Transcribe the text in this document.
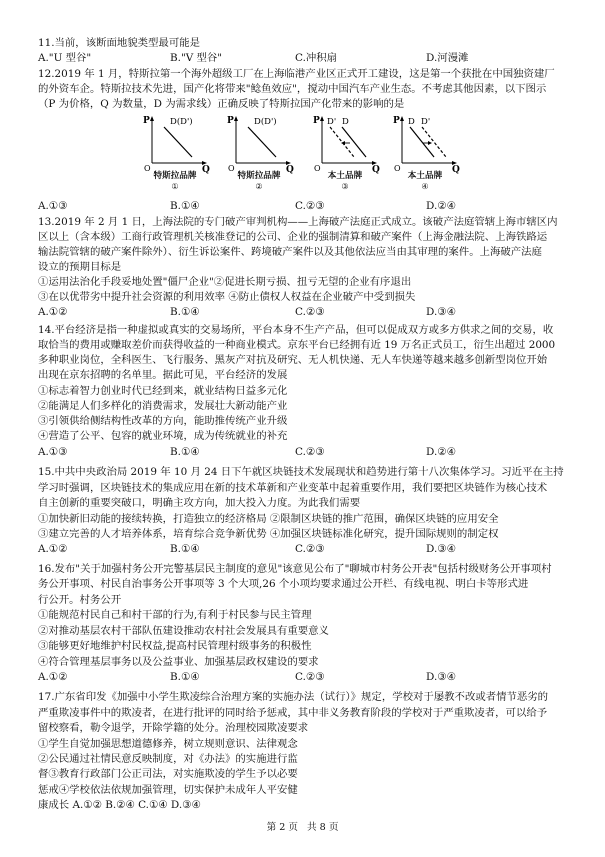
11.当前，该断面地貌类型最可能是
A."U 型谷"	B."V 型谷"	C.冲积扇	D.河漫滩
12.2019 年 1 月，特斯拉第一个海外超级工厂在上海临港产业区正式开工建设，这是第一个获批在中国独资建厂
的外资车企。特斯拉技术先进，国产化将带来"鲶鱼效应"，搅动中国汽车产业生态。不考虑其他因素，以下图示
（P 为价格，Q 为数量，D 为需求线）正确反映了特斯拉国产化带来的影响的是
P
O	Q
D(D')
特斯拉品牌
①
P
O	Q
D(D')
特斯拉品牌
②
P
O	Q
D' D
本土品牌
③
P
O	Q
D D'
本土品牌
④
A.①③	B.①④	C.②③	D.②④
13.2019 年 2 月 1 日，上海法院的专门破产审判机构——上海破产法庭正式成立。该破产法庭管辖上海市辖区内
区以上（含本级）工商行政管理机关核准登记的公司、企业的强制清算和破产案件（上海金融法院、上海铁路运
输法院管辖的破产案件除外）、衍生诉讼案件、跨境破产案件以及其他依法应当由其审理的案件。上海破产法庭
设立的预期目标是
①运用法治化手段妥地处置"僵尸企业"②促进长期亏损、扭亏无望的企业有序退出
③在以优带劣中提升社会资源的利用效率 ④防止债权人权益在企业破产中受到损失
A.①②	B.①④	C.②③	D.③④
14.平台经济是指一种虚拟或真实的交易场所，平台本身不生产产品，但可以促成双方或多方供求之间的交易，收
取恰当的费用或赚取差价而获得收益的一种商业模式。京东平台已经拥有近 19 万名正式员工，衍生出超过 2000
多种职业岗位，全科医生、飞行服务、黑灰产对抗及研究、无人机快递、无人车快递等越来越多创新型岗位开始
出现在京东招聘的名单里。据此可见，平台经济的发展
①标志着智力创业时代已经到来，就业结构日益多元化
②能满足人们多样化的消费需求，发展壮大新动能产业
③引领供给侧结构性改革的方向，能助推传统产业升级
④营造了公平、包容的就业环境，成为传统就业的补充
A.①③	B.①④	C.②③	D.②④
15.中共中央政治局 2019 年 10 月 24 日下午就区块链技术发展现状和趋势进行第十八次集体学习。习近平在主持
学习时强调，区块链技术的集成应用在新的技术革新和产业变革中起着重要作用，我们要把区块链作为核心技术
自主创新的重要突破口，明确主攻方向，加大投入力度。为此我们需要
①加快新旧动能的接续转换，打造独立的经济格局 ②限制区块链的推广范围，确保区块链的应用安全
③建立完善的人才培养体系，培育综合竞争新优势 ④加强区块链标准化研究，提升国际规则的制定权
A.①②	B.①④	C.②③	D.③④
16.发布"关于加强村务公开完警基层民主制度的意见"该意见公布了"聊城市村务公开表"包括村级财务公开事项村
务公开事项、村民自治事务公开事项等 3 个大项,26 个小项均要求通过公开栏、有线电视、明白卡等形式进
行公开。村务公开
①能规范村民自己和村干部的行为,有利于村民参与民主管理
②对推动基层农村干部队伍建设推动农村社会发展具有重要意义
③能够更好地维护村民权益,提高村民管理村级事务的积极性
④符合管理基层事务以及公益事业、加强基层政权建设的要求
A.①②	B.①④	C.②③	D.③④
17.广东省印发《加强中小学生欺凌综合治理方案的实施办法（试行）》规定，学校对于屡教不改或者情节恶劣的
严重欺凌事件中的欺凌者，在进行批评的同时给予惩戒，其中非义务教育阶段的学校对于严重欺凌者，可以给予
留校察看，勒令退学，开除学籍的处分。治理校园欺凌要求
①学生自觉加强思想道德修养，树立规则意识、法律观念
②公民通过社情民意反映制度，对《办法》的实施进行监
督③教育行政部门公正司法，对实施欺凌的学生予以必要
惩戒④学校依法依规加强管理，切实保护未成年人平安健
康成长 A.①② B.②④ C.①④ D.③④
第 2 页 共 8 页
